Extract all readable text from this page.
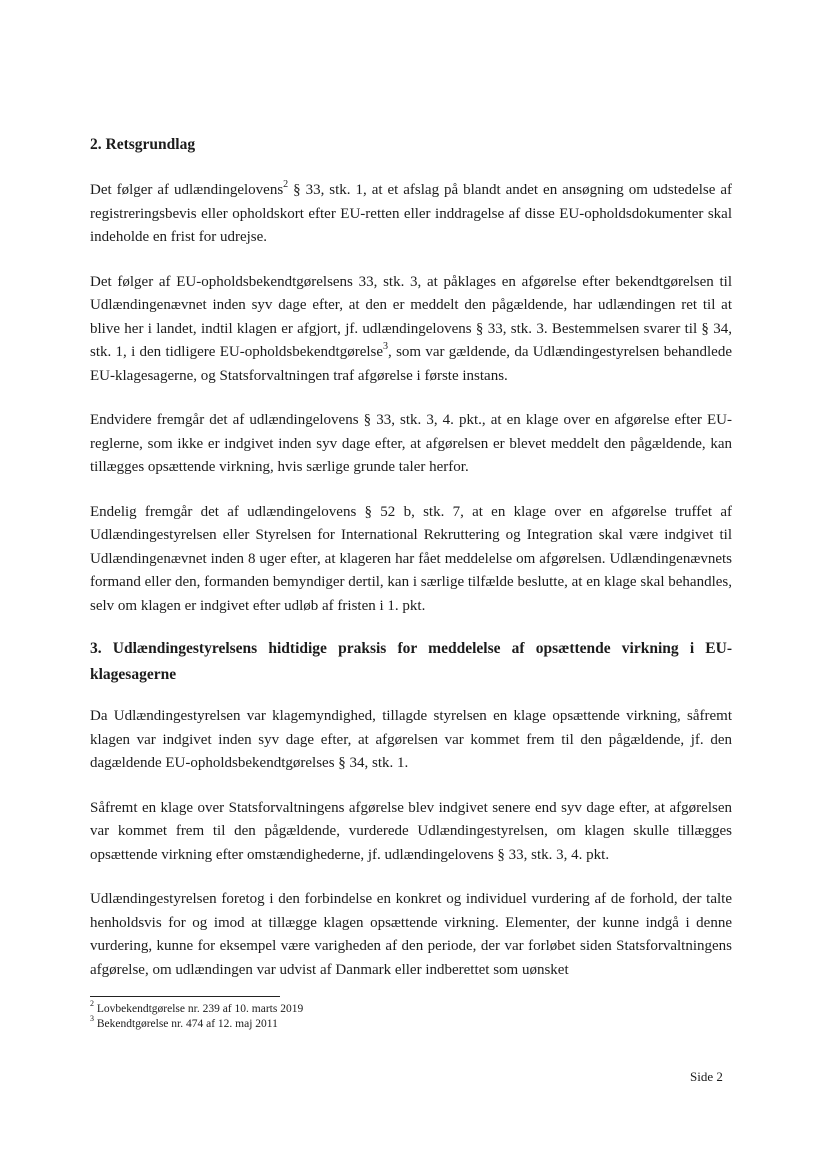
2. Retsgrundlag

Det følger af udlændingelovens$^2$ § 33, stk. 1, at et afslag på blandt andet en ansøgning om udstedelse af registreringsbevis eller opholdskort efter EU-retten eller inddragelse af disse EU-opholdsdokumenter skal indeholde en frist for udrejse.

Det følger af EU-opholdsbekendtgørelsens 33, stk. 3, at påklages en afgørelse efter bekendtgørelsen til Udlændingenævnet inden syv dage efter, at den er meddelt den pågældende, har udlændingen ret til at blive her i landet, indtil klagen er afgjort, jf. udlændingelovens § 33, stk. 3. Bestemmelsen svarer til § 34, stk. 1, i den tidligere EU-opholdsbekendtgørelse$^3$, som var gældende, da Udlændingestyrelsen behandlede EU-klagesagerne, og Statsforvaltningen traf afgørelse i første instans.

Endvidere fremgår det af udlændingelovens § 33, stk. 3, 4. pkt., at en klage over en afgørelse efter EU-reglerne, som ikke er indgivet inden syv dage efter, at afgørelsen er blevet meddelt den pågældende, kan tillægges opsættende virkning, hvis særlige grunde taler herfor.

Endelig fremgår det af udlændingelovens § 52 b, stk. 7, at en klage over en afgørelse truffet af Udlændingestyrelsen eller Styrelsen for International Rekruttering og Integration skal være indgivet til Udlændingenævnet inden 8 uger efter, at klageren har fået meddelelse om afgørelsen. Udlændingenævnets formand eller den, formanden bemyndiger dertil, kan i særlige tilfælde beslutte, at en klage skal behandles, selv om klagen er indgivet efter udløb af fristen i 1. pkt.

3. Udlændingestyrelsens hidtidige praksis for meddelelse af opsættende virkning i EU-klagesagerne

Da Udlændingestyrelsen var klagemyndighed, tillagde styrelsen en klage opsættende virkning, såfremt klagen var indgivet inden syv dage efter, at afgørelsen var kommet frem til den pågældende, jf. den dagældende EU-opholdsbekendtgørelses § 34, stk. 1.

Såfremt en klage over Statsforvaltningens afgørelse blev indgivet senere end syv dage efter, at afgørelsen var kommet frem til den pågældende, vurderede Udlændingestyrelsen, om klagen skulle tillægges opsættende virkning efter omstændighederne, jf. udlændingelovens § 33, stk. 3, 4. pkt.

Udlændingestyrelsen foretog i den forbindelse en konkret og individuel vurdering af de forhold, der talte henholdsvis for og imod at tillægge klagen opsættende virkning. Elementer, der kunne indgå i denne vurdering, kunne for eksempel være varigheden af den periode, der var forløbet siden Statsforvaltningens afgørelse, om udlændingen var udvist af Danmark eller indberettet som uønsket

$^2$ Lovbekendtgørelse nr. 239 af 10. marts 2019
$^3$ Bekendtgørelse nr. 474 af 12. maj 2011
Side 2
